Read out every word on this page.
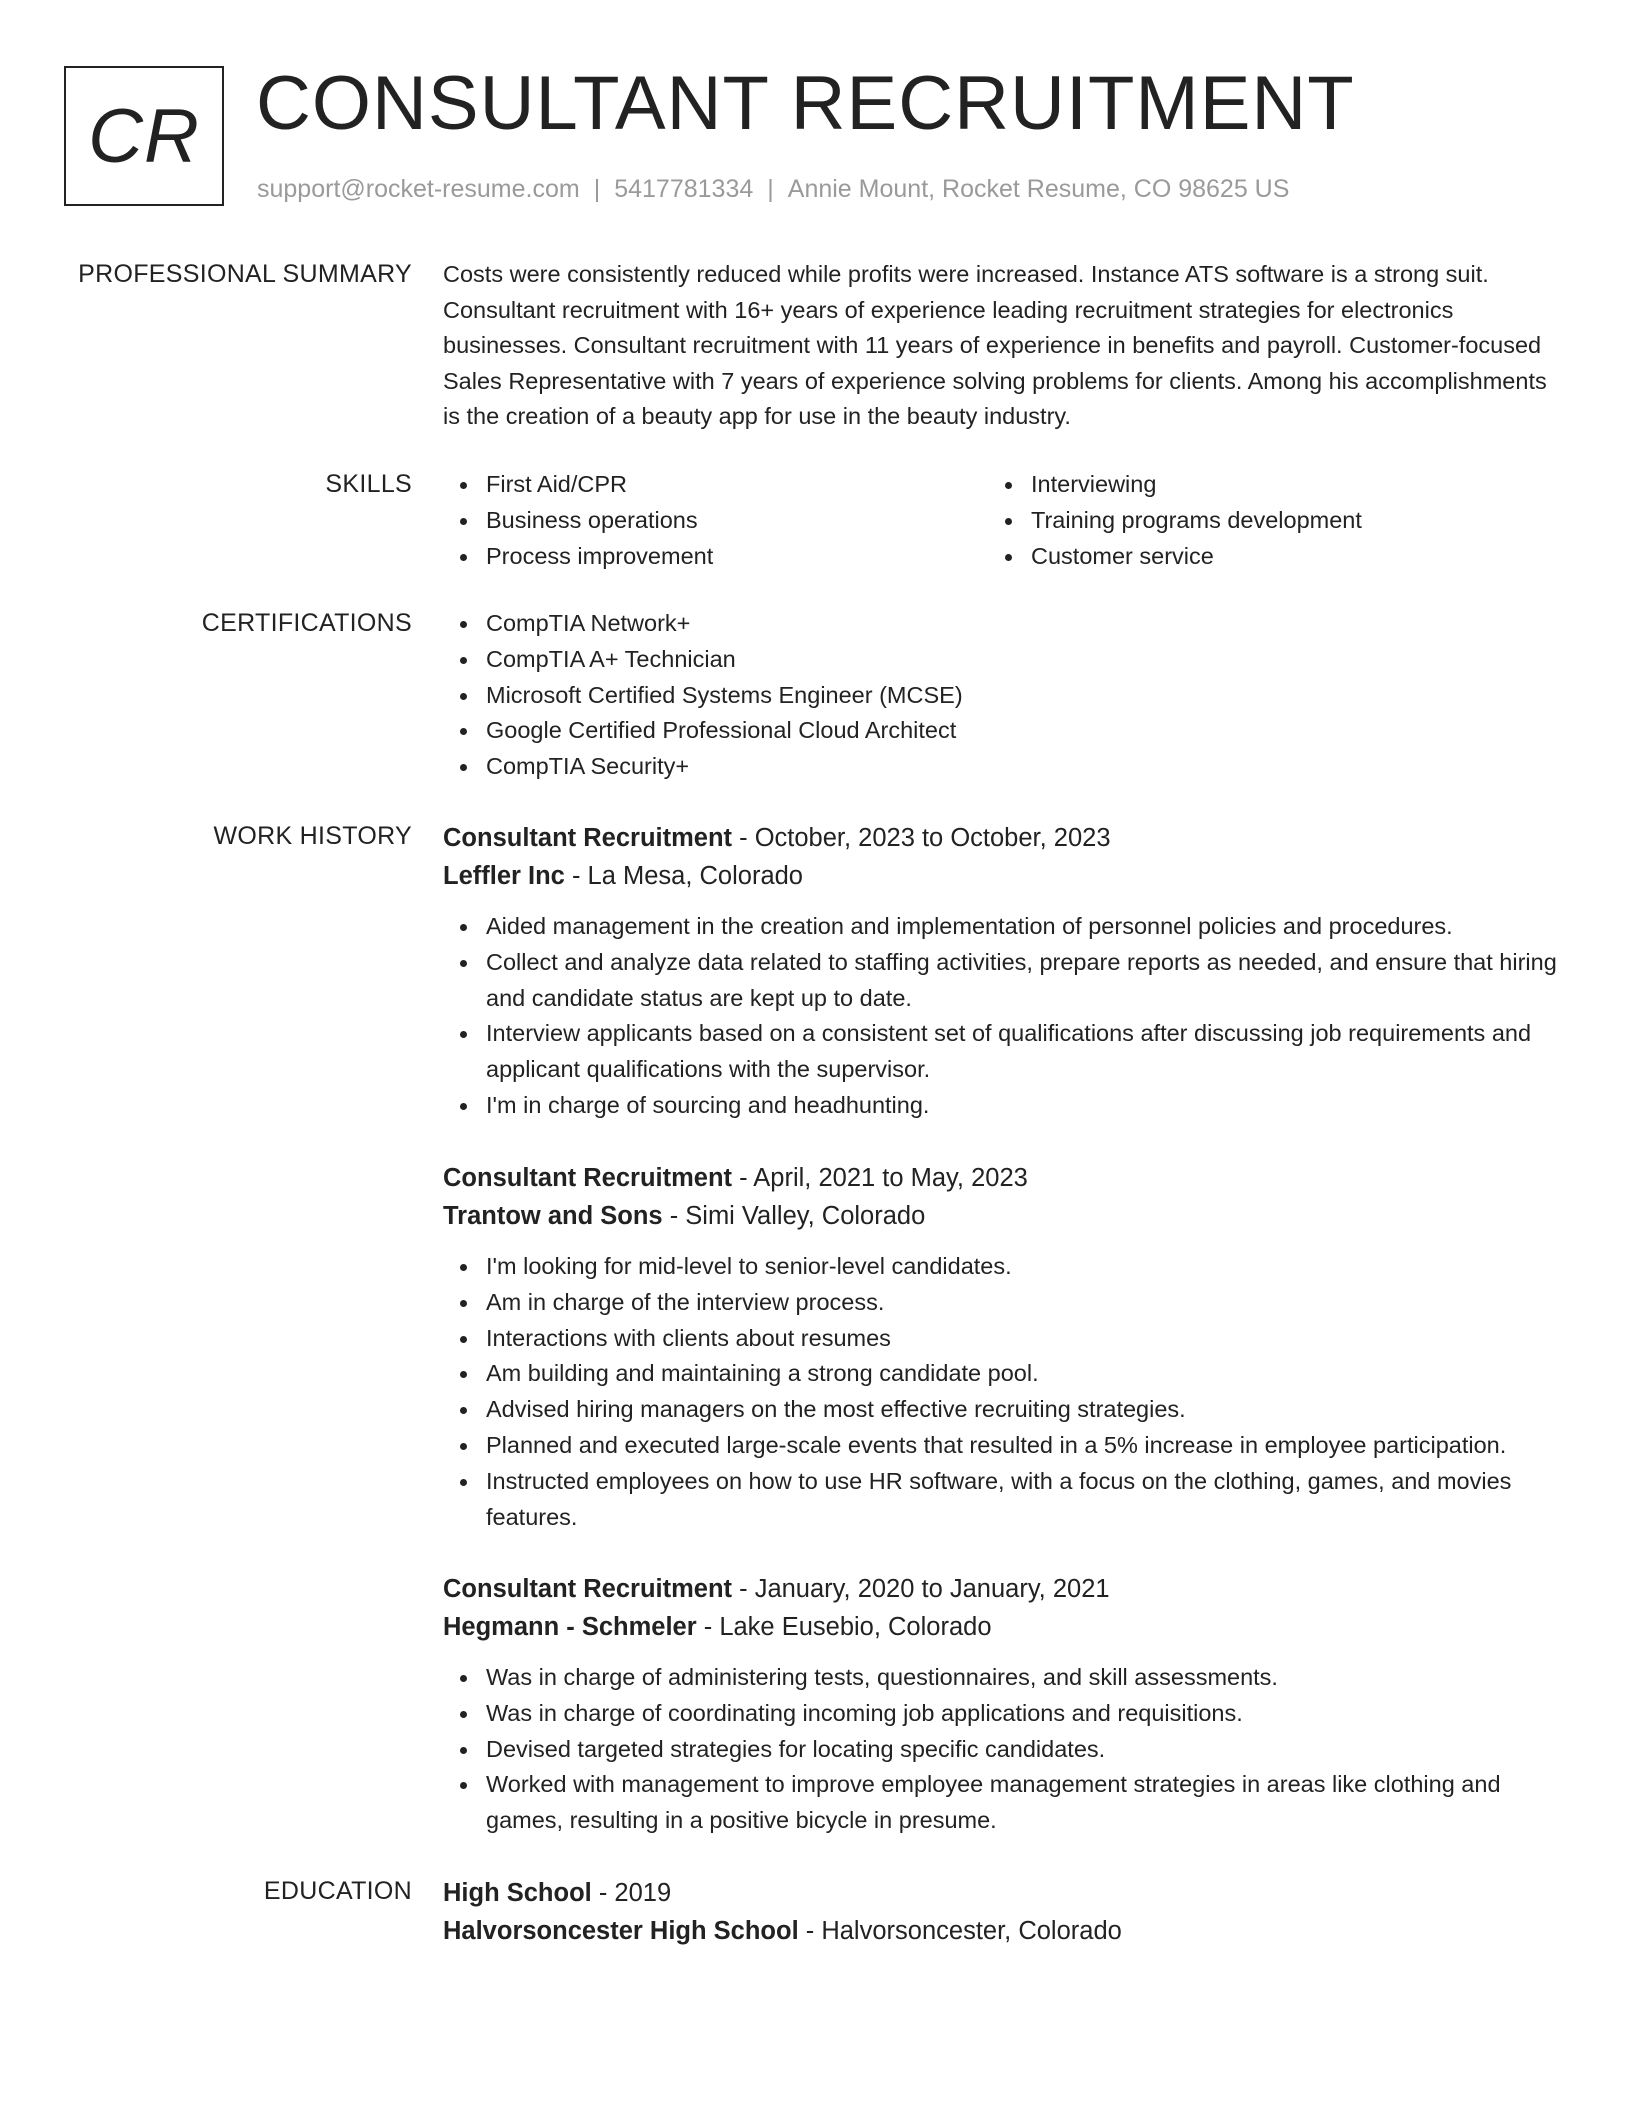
CR CONSULTANT RECRUITMENT
support@rocket-resume.com | 5417781334 | Annie Mount, Rocket Resume, CO 98625 US
PROFESSIONAL SUMMARY Costs were consistently reduced while profits were increased. Instance ATS software is a strong suit. Consultant recruitment with 16+ years of experience leading recruitment strategies for electronics businesses. Consultant recruitment with 11 years of experience in benefits and payroll. Customer-focused Sales Representative with 7 years of experience solving problems for clients. Among his accomplishments is the creation of a beauty app for use in the beauty industry.

SKILLS	First Aid/CPR
Business operations
Process improvement
Interviewing
Training programs development
Customer service
CERTIFICATIONS	CompTIA Network+
CompTIA A+ Technician
Microsoft Certified Systems Engineer (MCSE)
Google Certified Professional Cloud Architect
CompTIA Security+
WORK HISTORY Consultant Recruitment - October, 2023 to October, 2023
Leffler Inc - La Mesa, Colorado
Aided management in the creation and implementation of personnel policies and procedures.
Collect and analyze data related to staffing activities, prepare reports as needed, and ensure that hiring and candidate status are kept up to date.
Interview applicants based on a consistent set of qualifications after discussing job requirements and applicant qualifications with the supervisor.
I'm in charge of sourcing and headhunting.
Consultant Recruitment - April, 2021 to May, 2023
Trantow and Sons - Simi Valley, Colorado
I'm looking for mid-level to senior-level candidates.
Am in charge of the interview process.
Interactions with clients about resumes
Am building and maintaining a strong candidate pool.
Advised hiring managers on the most effective recruiting strategies.
Planned and executed large-scale events that resulted in a 5% increase in employee participation.
Instructed employees on how to use HR software, with a focus on the clothing, games, and movies features.
Consultant Recruitment - January, 2020 to January, 2021
Hegmann - Schmeler - Lake Eusebio, Colorado
Was in charge of administering tests, questionnaires, and skill assessments.
Was in charge of coordinating incoming job applications and requisitions.
Devised targeted strategies for locating specific candidates.
Worked with management to improve employee management strategies in areas like clothing and games, resulting in a positive bicycle in presume.
EDUCATION High School - 2019
Halvorsoncester High School - Halvorsoncester, Colorado
